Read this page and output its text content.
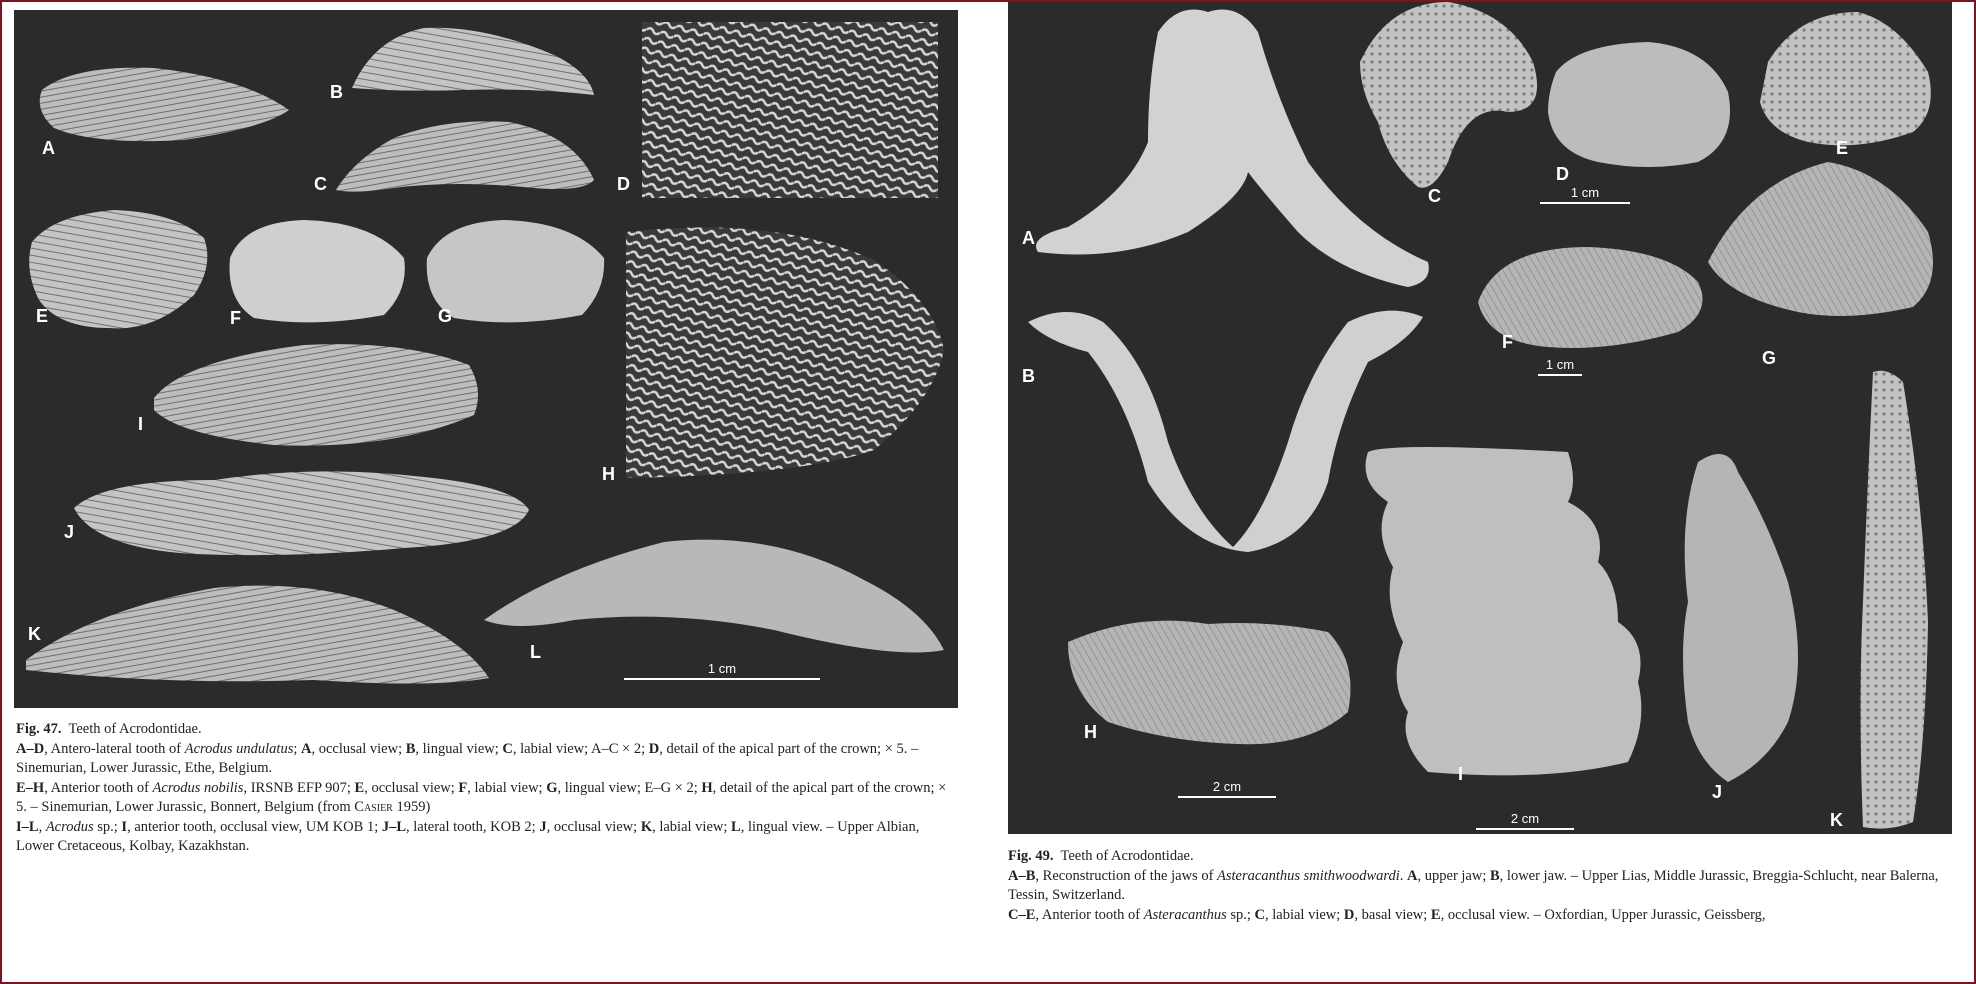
A
B
C	D
E	F	G
H
I
J
K
L
1 cm

Fig. 47. Teeth of Acrodontidae.

A–D, Antero-lateral tooth of Acrodus undulatus; A, occlusal view; B, lingual view; C, labial view; A–C × 2; D, detail of the apical part of the crown; × 5. – Sinemurian, Lower Jurassic, Ethe, Belgium.

E–H, Anterior tooth of Acrodus nobilis, IRSNB EFP 907; E, occlusal view; F, labial view; G, lingual view; E–G × 2; H, detail of the apical part of the crown; × 5. – Sinemurian, Lower Jurassic, Bonnert, Belgium (from Casier 1959)

I–L, Acrodus sp.; I, anterior tooth, occlusal view, UM KOB 1; J–L, lateral tooth, KOB 2; J, occlusal view; K, labial view; L, lingual view. – Upper Albian, Lower Cretaceous, Kolbay, Kazakhstan.

A
B
C
D
E
F
G
H
I
J
K
1 cm
1 cm
2 cm
2 cm

Fig. 49. Teeth of Acrodontidae.

A–B, Reconstruction of the jaws of Asteracanthus smithwoodwardi. A, upper jaw; B, lower jaw. – Upper Lias, Middle Jurassic, Breggia-Schlucht, near Balerna, Tessin, Switzerland.

C–E, Anterior tooth of Asteracanthus sp.; C, labial view; D, basal view; E, occlusal view. – Oxfordian, Upper Jurassic, Geissberg,
